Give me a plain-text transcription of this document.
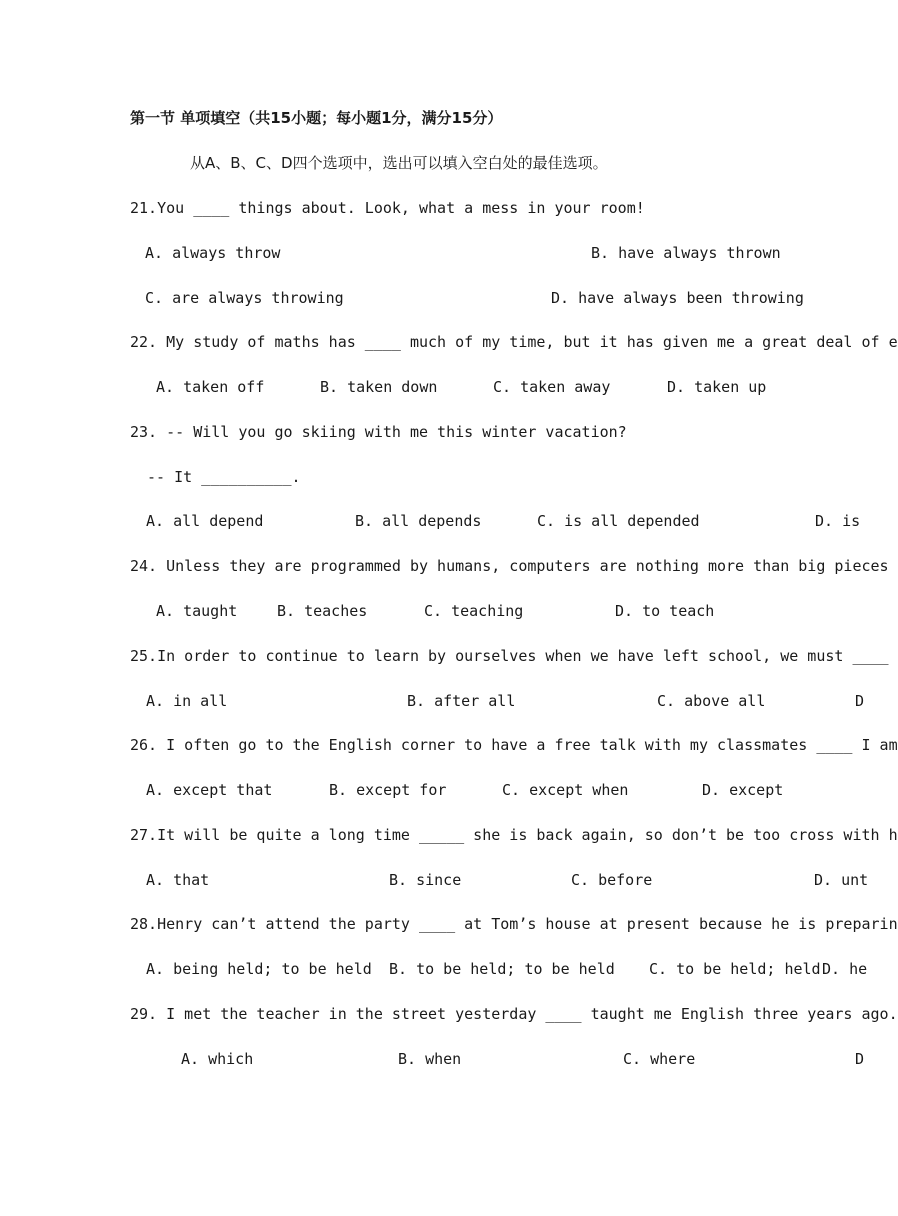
第一节 单项填空（共15小题；每小题1分，满分15分）
从A、B、C、D四个选项中，选出可以填入空白处的最佳选项。
21.You ____ things about. Look, what a mess in your room!
A. always throw	B. have always thrown
C. are always throwing	D. have always been throwing
22. My study of maths has ____ much of my time, but it has given me a great deal of e
A. taken off	B. taken down	C. taken away	D. taken up
23. -- Will you go skiing with me this winter vacation?
-- It __________.
A. all depend	B. all depends	C. is all depended	D. is
24. Unless they are programmed by humans, computers are nothing more than big pieces
A. taught	B. teaches	C. teaching	D. to teach
25.In order to continue to learn by ourselves when we have left school, we must ____
A. in all	B. after all	C. above all	D
26. I often go to the English corner to have a free talk with my classmates ____ I am
A. except that	B. except for	C. except when	D. except
27.It will be quite a long time _____ she is back again, so don’t be too cross with h
A. that	B. since	C. before	D. unt
28.Henry can’t attend the party ____ at Tom’s house at present because he is preparin
A. being held; to be held B. to be held; to be held C. to be held; held D. he
29. I met the teacher in the street yesterday ____ taught me English three years ago.
A. which	B. when	C. where	D
